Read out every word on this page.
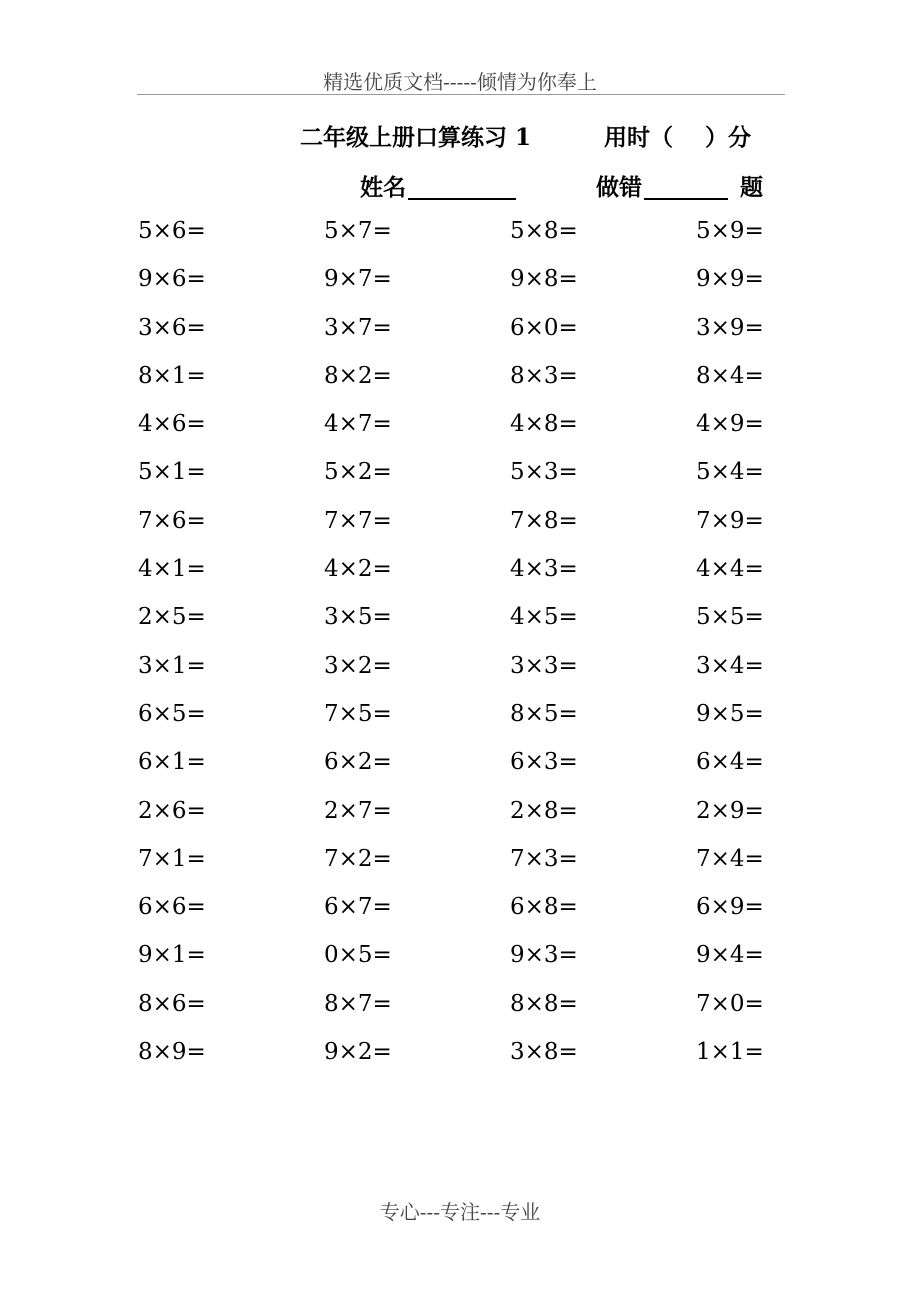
精选优质文档-----倾情为你奉上
二年级上册口算练习 1	用时（    ）分
姓名	做错	题
5×6=	5×7=	5×8=	5×9=
9×6=	9×7=	9×8=	9×9=
3×6=	3×7=	6×0=	3×9=
8×1=	8×2=	8×3=	8×4=
4×6=	4×7=	4×8=	4×9=
5×1=	5×2=	5×3=	5×4=
7×6=	7×7=	7×8=	7×9=
4×1=	4×2=	4×3=	4×4=
2×5=	3×5=	4×5=	5×5=
3×1=	3×2=	3×3=	3×4=
6×5=	7×5=	8×5=	9×5=
6×1=	6×2=	6×3=	6×4=
2×6=	2×7=	2×8=	2×9=
7×1=	7×2=	7×3=	7×4=
6×6=	6×7=	6×8=	6×9=
9×1=	0×5=	9×3=	9×4=
8×6=	8×7=	8×8=	7×0=
8×9=	9×2=	3×8=	1×1=
专心---专注---专业
